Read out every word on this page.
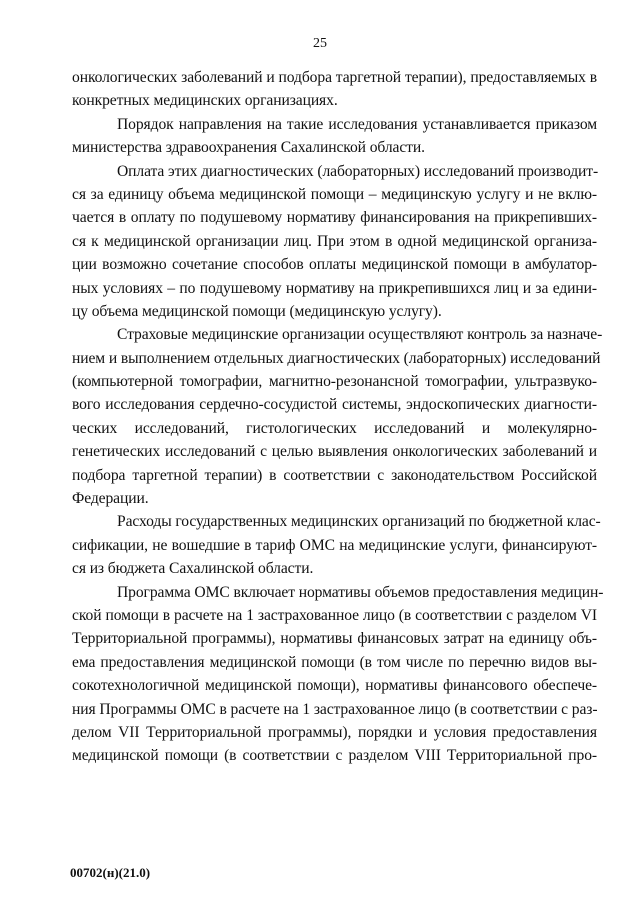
25
онкологических заболеваний и подбора таргетной терапии), предоставляемых в
конкретных медицинских организациях.
Порядок направления на такие исследования устанавливается приказом
министерства здравоохранения Сахалинской области.
Оплата этих диагностических (лабораторных) исследований производит-
ся за единицу объема медицинской помощи – медицинскую услугу и не вклю-
чается в оплату по подушевому нормативу финансирования на прикрепивших-
ся к медицинской организации лиц. При этом в одной медицинской организа-
ции возможно сочетание способов оплаты медицинской помощи в амбулатор-
ных условиях – по подушевому нормативу на прикрепившихся лиц и за едини-
цу объема медицинской помощи (медицинскую услугу).
Страховые медицинские организации осуществляют контроль за назначе-
нием и выполнением отдельных диагностических (лабораторных) исследований
(компьютерной томографии, магнитно-резонансной томографии, ультразвуко-
вого исследования сердечно-сосудистой системы, эндоскопических диагности-
ческих исследований, гистологических исследований и молекулярно-
генетических исследований с целью выявления онкологических заболеваний и
подбора таргетной терапии) в соответствии с законодательством Российской
Федерации.
Расходы государственных медицинских организаций по бюджетной клас-
сификации, не вошедшие в тариф ОМС на медицинские услуги, финансируют-
ся из бюджета Сахалинской области.
Программа ОМС включает нормативы объемов предоставления медицин-
ской помощи в расчете на 1 застрахованное лицо (в соответствии с разделом VI
Территориальной программы), нормативы финансовых затрат на единицу объ-
ема предоставления медицинской помощи (в том числе по перечню видов вы-
сокотехнологичной медицинской помощи), нормативы финансового обеспече-
ния Программы ОМС в расчете на 1 застрахованное лицо (в соответствии с раз-
делом VII Территориальной программы), порядки и условия предоставления
медицинской помощи (в соответствии с разделом VIII Территориальной про-
00702(н)(21.0)
